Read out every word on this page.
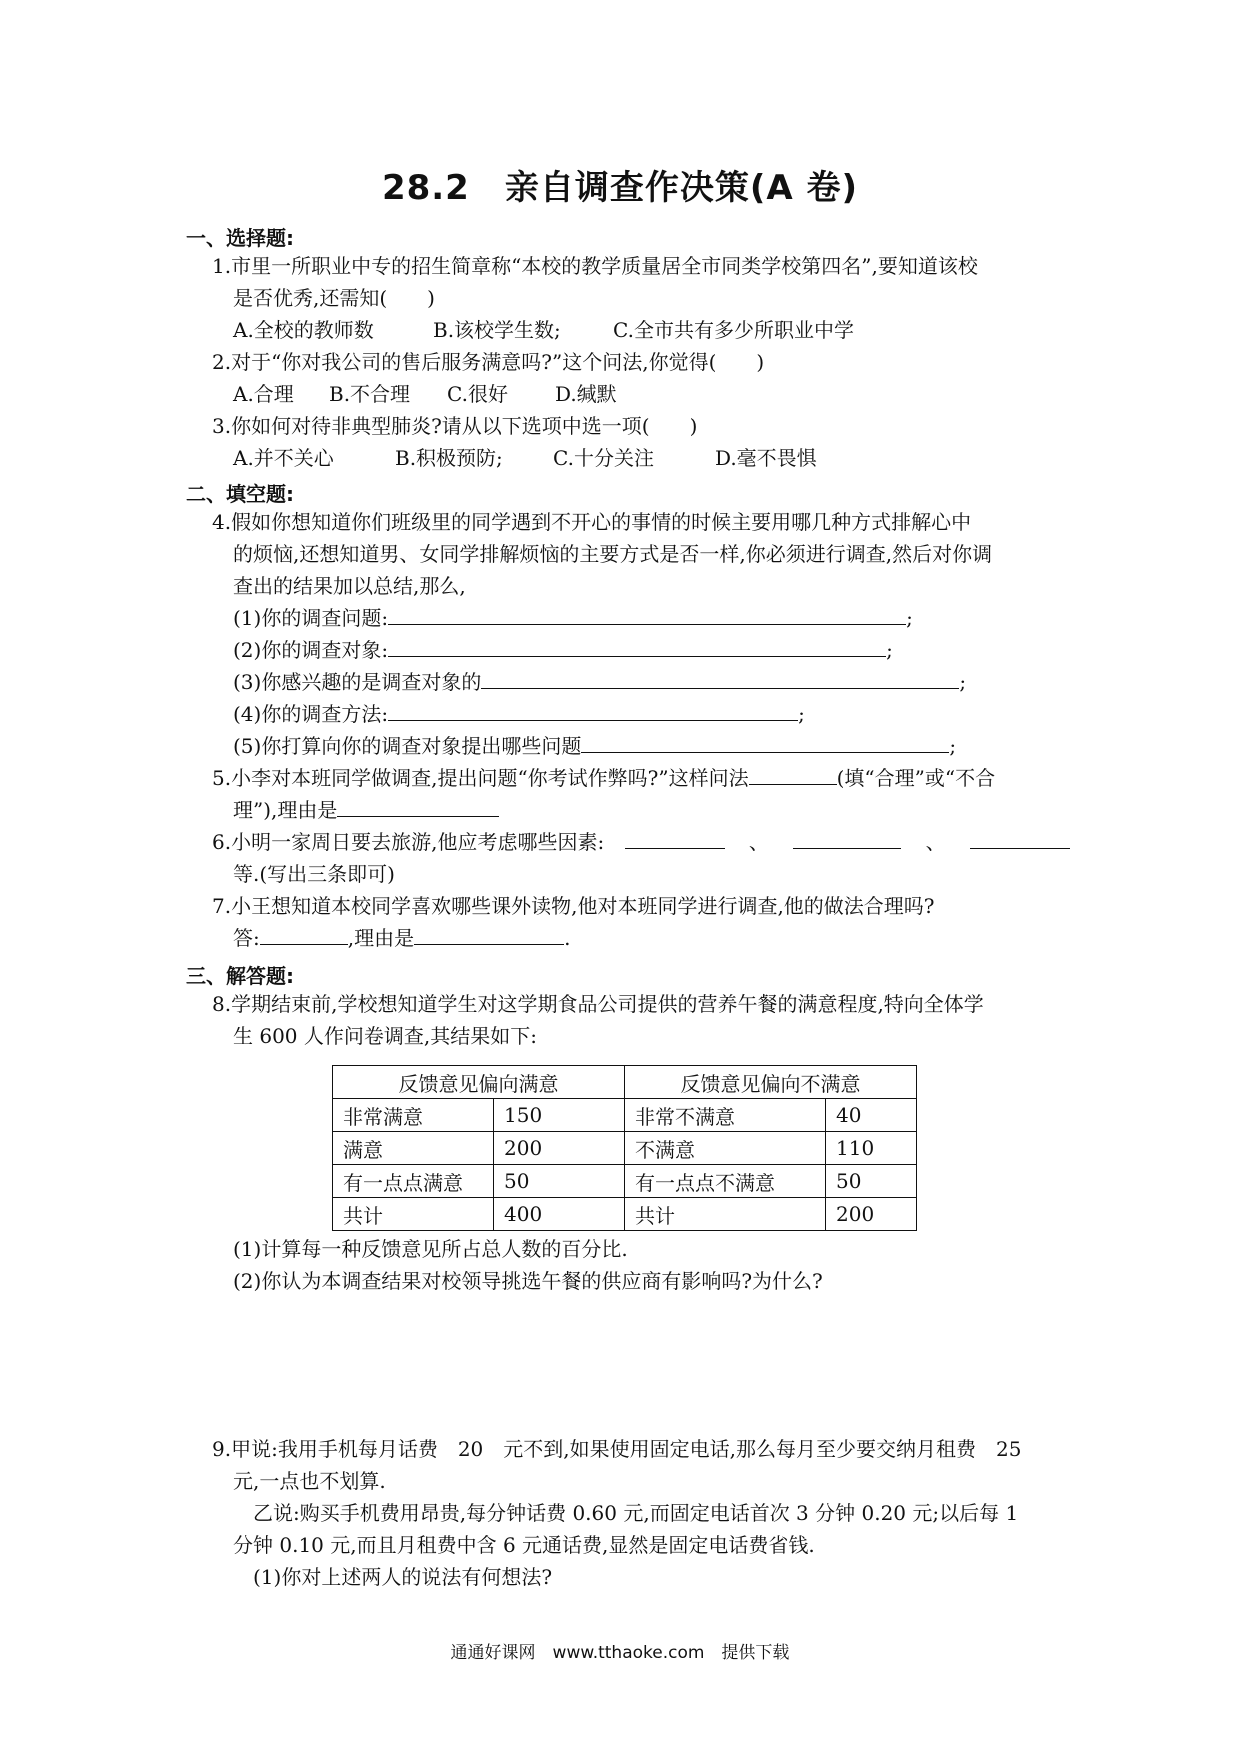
28.2　亲自调查作决策(A 卷)
一、选择题:
1.市里一所职业中专的招生简章称“本校的教学质量居全市同类学校第四名”,要知道该校
是否优秀,还需知(　　)
A.全校的教师数	B.该校学生数;	C.全市共有多少所职业中学
2.对于“你对我公司的售后服务满意吗?”这个问法,你觉得(　　)
A.合理 B.不合理 C.很好 D.缄默
3.你如何对待非典型肺炎?请从以下选项中选一项(　　)
A.并不关心	B.积极预防;	C.十分关注	D.毫不畏惧
二、填空题:
4.假如你想知道你们班级里的同学遇到不开心的事情的时候主要用哪几种方式排解心中
的烦恼,还想知道男、女同学排解烦恼的主要方式是否一样,你必须进行调查,然后对你调
查出的结果加以总结,那么,
(1)你的调查问题:	;
(2)你的调查对象:	;
(3)你感兴趣的是调查对象的	;
(4)你的调查方法:	;
(5)你打算向你的调查对象提出哪些问题	;
5.小李对本班同学做调查,提出问题“你考试作弊吗?”这样问法	(填“合理”或“不合
理”),理由是
6.小明一家周日要去旅游,他应考虑哪些因素:	、	、
等.(写出三条即可)
7.小王想知道本校同学喜欢哪些课外读物,他对本班同学进行调查,他的做法合理吗?
答:	,理由是	.
三、解答题:
8.学期结束前,学校想知道学生对这学期食品公司提供的营养午餐的满意程度,特向全体学
生 600 人作问卷调查,其结果如下:
反馈意见偏向满意		反馈意见偏向不满意	
非常满意	150	非常不满意	40
满意	200	不满意	110
有一点点满意	50	有一点点不满意	50
共计	400	共计	200
(1)计算每一种反馈意见所占总人数的百分比.
(2)你认为本调查结果对校领导挑选午餐的供应商有影响吗?为什么?
9.甲说:我用手机每月话费　20　元不到,如果使用固定电话,那么每月至少要交纳月租费　25
元,一点也不划算.
　乙说:购买手机费用昂贵,每分钟话费 0.60 元,而固定电话首次 3 分钟 0.20 元;以后每 1
分钟 0.10 元,而且月租费中含 6 元通话费,显然是固定电话费省钱.
　(1)你对上述两人的说法有何想法?
通通好课网　www.tthaoke.com　提供下载
